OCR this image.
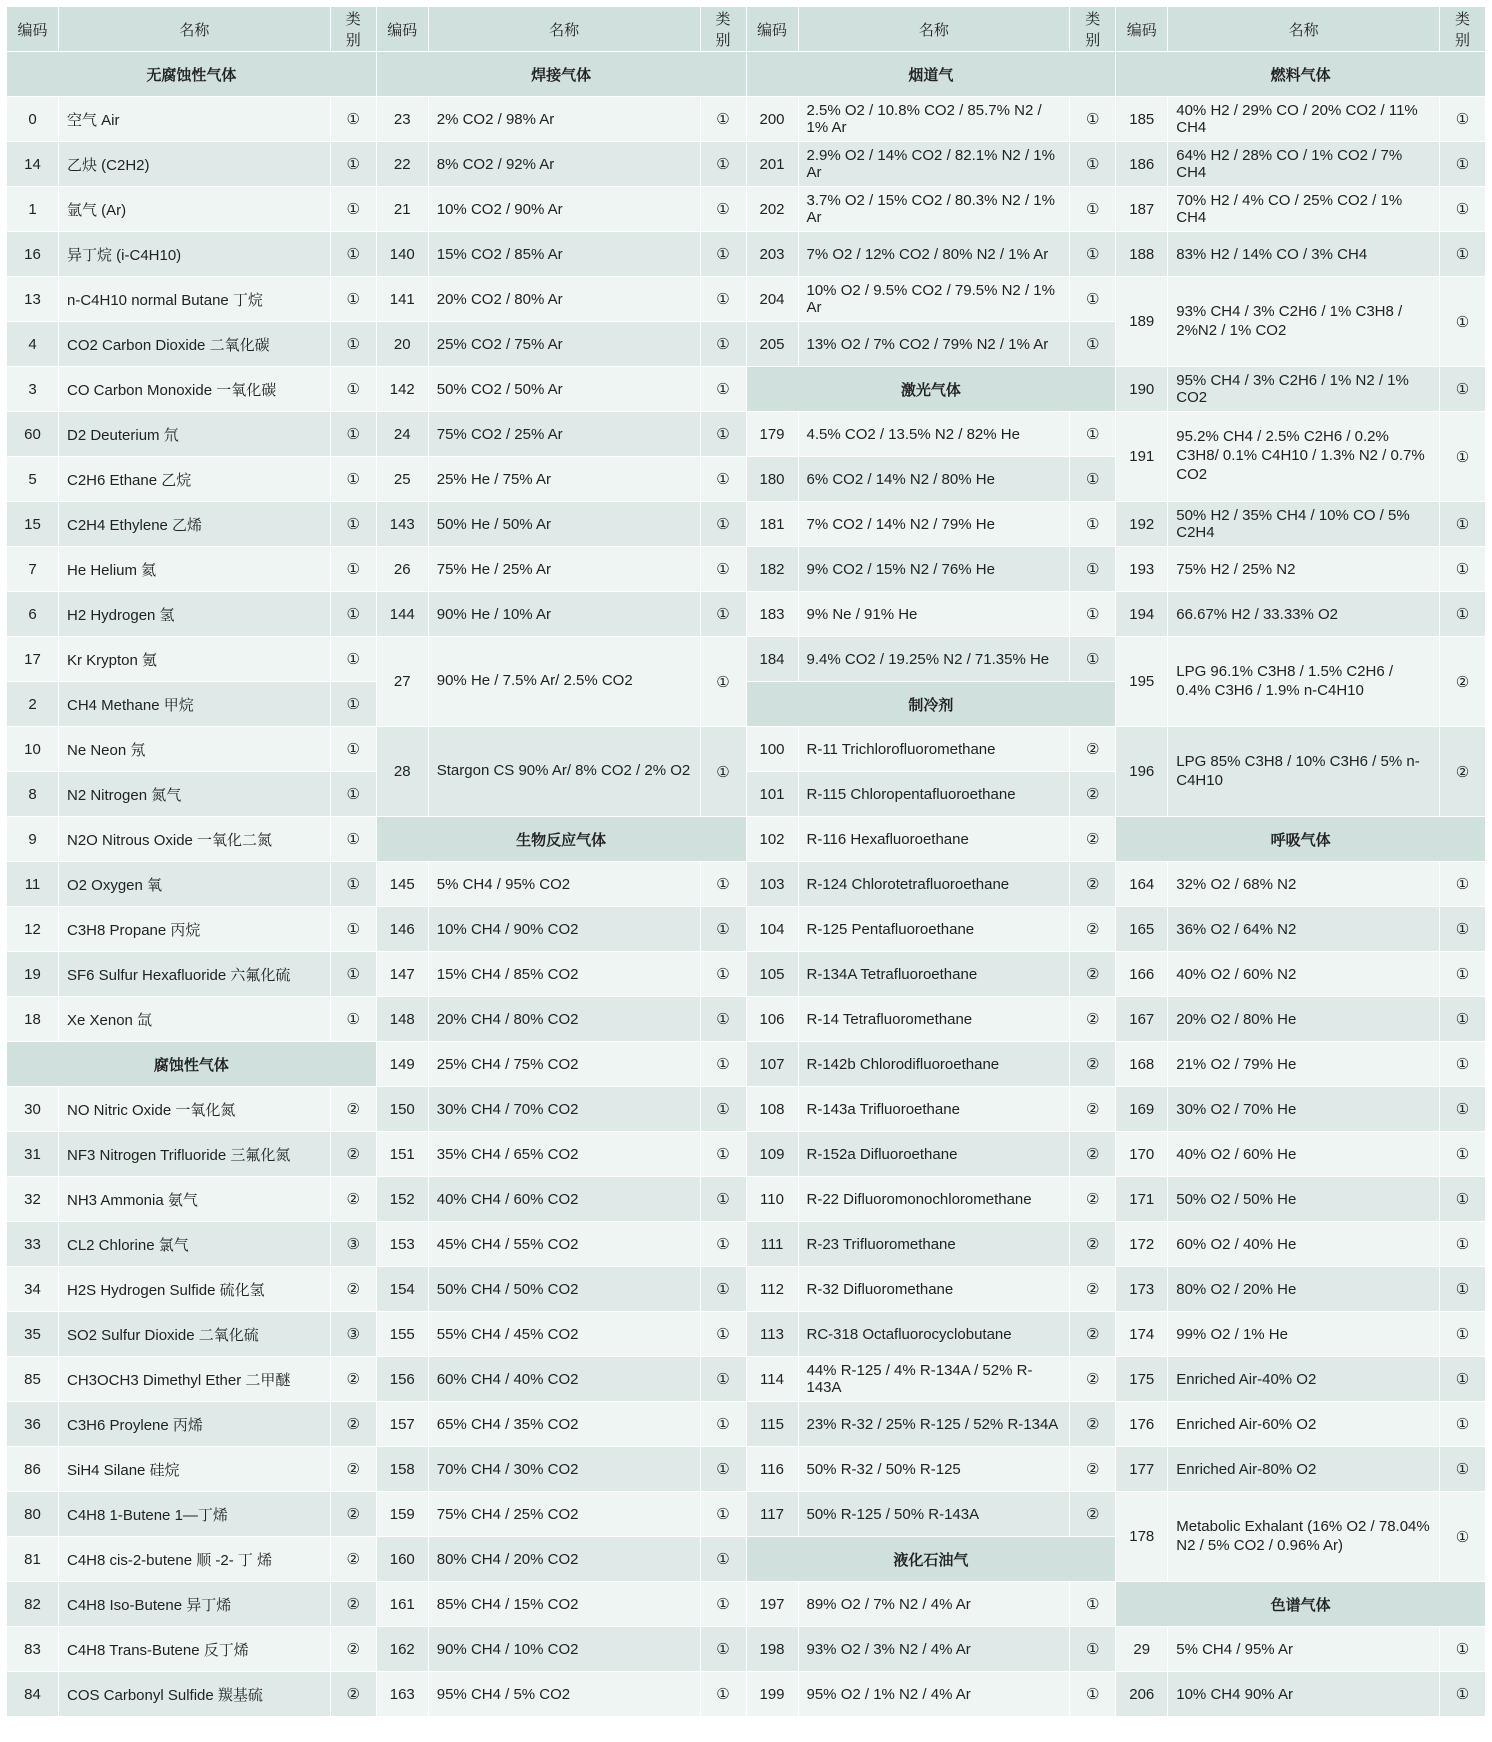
编码	名称	类别	编码	名称	类别	编码	名称	类别	编码	名称	类别
无腐蚀性气体			焊接气体			烟道气			燃料气体		
0	空气 Air	①	23	2% CO2 / 98% Ar	①	200	2.5% O2 / 10.8% CO2 / 85.7% N2 / 1% Ar	①	185	40% H2 / 29% CO / 20% CO2 / 11% CH4	①
14	乙炔 (C2H2)	①	22	8% CO2 / 92% Ar	①	201	2.9% O2 / 14% CO2 / 82.1% N2 / 1% Ar	①	186	64% H2 / 28% CO / 1% CO2 / 7% CH4	①
1	氩气 (Ar)	①	21	10% CO2 / 90% Ar	①	202	3.7% O2 / 15% CO2 / 80.3% N2 / 1% Ar	①	187	70% H2 / 4% CO / 25% CO2 / 1% CH4	①
16	异丁烷 (i-C4H10)	①	140	15% CO2 / 85% Ar	①	203	7% O2 / 12% CO2 / 80% N2 / 1% Ar	①	188	83% H2 / 14% CO / 3% CH4	①
13	n-C4H10 normal Butane 丁烷	①	141	20% CO2 / 80% Ar	①	204	10% O2 / 9.5% CO2 / 79.5% N2 / 1% Ar	①	189	93% CH4 / 3% C2H6 / 1% C3H8 / 2%N2 / 1% CO2	①
4	CO2 Carbon Dioxide 二氧化碳	①	20	25% CO2 / 75% Ar	①	205	13% O2 / 7% CO2 / 79% N2 / 1% Ar	①			
3	CO Carbon Monoxide 一氧化碳	①	142	50% CO2 / 50% Ar	①	激光气体			190	95% CH4 / 3% C2H6 / 1% N2 / 1% CO2	①
60	D2 Deuterium 氘	①	24	75% CO2 / 25% Ar	①	179	4.5% CO2 / 13.5% N2 / 82% He	①	191	95.2% CH4 / 2.5% C2H6 / 0.2% C3H8/ 0.1% C4H10 / 1.3% N2 / 0.7% CO2	①
5	C2H6 Ethane 乙烷	①	25	25% He / 75% Ar	①	180	6% CO2 / 14% N2 / 80% He	①			
15	C2H4 Ethylene 乙烯	①	143	50% He / 50% Ar	①	181	7% CO2 / 14% N2 / 79% He	①	192	50% H2 / 35% CH4 / 10% CO / 5% C2H4	①
7	He Helium 氦	①	26	75% He / 25% Ar	①	182	9% CO2 / 15% N2 / 76% He	①	193	75% H2 / 25% N2	①
6	H2 Hydrogen 氢	①	144	90% He / 10% Ar	①	183	9% Ne / 91% He	①	194	66.67% H2 / 33.33% O2	①
17	Kr Krypton 氪	①	27	90% He / 7.5% Ar/ 2.5% CO2	①	184	9.4% CO2 / 19.25% N2 / 71.35% He	①	195	LPG 96.1% C3H8 / 1.5% C2H6 / 0.4% C3H6 / 1.9% n-C4H10	②
2	CH4 Methane 甲烷	①				制冷剂					
10	Ne Neon 氖	①	28	Stargon CS 90% Ar/ 8% CO2 / 2% O2	①	100	R-11 Trichlorofluoromethane	②	196	LPG 85% C3H8 / 10% C3H6 / 5% n-C4H10	②
8	N2 Nitrogen 氮气	①				101	R-115 Chloropentafluoroethane	②			
9	N2O Nitrous Oxide 一氧化二氮	①	生物反应气体			102	R-116 Hexafluoroethane	②	呼吸气体		
11	O2 Oxygen 氧	①	145	5% CH4 / 95% CO2	①	103	R-124 Chlorotetrafluoroethane	②	164	32% O2 / 68% N2	①
12	C3H8 Propane 丙烷	①	146	10% CH4 / 90% CO2	①	104	R-125 Pentafluoroethane	②	165	36% O2 / 64% N2	①
19	SF6 Sulfur Hexafluoride 六氟化硫	①	147	15% CH4 / 85% CO2	①	105	R-134A Tetrafluoroethane	②	166	40% O2 / 60% N2	①
18	Xe Xenon 氙	①	148	20% CH4 / 80% CO2	①	106	R-14 Tetrafluoromethane	②	167	20% O2 / 80% He	①
腐蚀性气体			149	25% CH4 / 75% CO2	①	107	R-142b Chlorodifluoroethane	②	168	21% O2 / 79% He	①
30	NO Nitric Oxide 一氧化氮	②	150	30% CH4 / 70% CO2	①	108	R-143a Trifluoroethane	②	169	30% O2 / 70% He	①
31	NF3 Nitrogen Trifluoride 三氟化氮	②	151	35% CH4 / 65% CO2	①	109	R-152a Difluoroethane	②	170	40% O2 / 60% He	①
32	NH3 Ammonia 氨气	②	152	40% CH4 / 60% CO2	①	110	R-22 Difluoromonochloromethane	②	171	50% O2 / 50% He	①
33	CL2 Chlorine 氯气	③	153	45% CH4 / 55% CO2	①	111	R-23 Trifluoromethane	②	172	60% O2 / 40% He	①
34	H2S Hydrogen Sulfide 硫化氢	②	154	50% CH4 / 50% CO2	①	112	R-32 Difluoromethane	②	173	80% O2 / 20% He	①
35	SO2 Sulfur Dioxide 二氧化硫	③	155	55% CH4 / 45% CO2	①	113	RC-318 Octafluorocyclobutane	②	174	99% O2 / 1% He	①
85	CH3OCH3 Dimethyl Ether 二甲醚	②	156	60% CH4 / 40% CO2	①	114	44% R-125 / 4% R-134A / 52% R-143A	②	175	Enriched Air-40% O2	①
36	C3H6 Proylene 丙烯	②	157	65% CH4 / 35% CO2	①	115	23% R-32 / 25% R-125 / 52% R-134A	②	176	Enriched Air-60% O2	①
86	SiH4 Silane 硅烷	②	158	70% CH4 / 30% CO2	①	116	50% R-32 / 50% R-125	②	177	Enriched Air-80% O2	①
80	C4H8 1-Butene 1—丁烯	②	159	75% CH4 / 25% CO2	①	117	50% R-125 / 50% R-143A	②	178	Metabolic Exhalant (16% O2 / 78.04% N2 / 5% CO2 / 0.96% Ar)	①
81	C4H8 cis-2-butene 顺 -2- 丁 烯	②	160	80% CH4 / 20% CO2	①	液化石油气					
82	C4H8 Iso-Butene 异丁烯	②	161	85% CH4 / 15% CO2	①	197	89% O2 / 7% N2 / 4% Ar	①	色谱气体		
83	C4H8 Trans-Butene 反丁烯	②	162	90% CH4 / 10% CO2	①	198	93% O2 / 3% N2 / 4% Ar	①	29	5% CH4 / 95% Ar	①
84	COS Carbonyl Sulfide 羰基硫	②	163	95% CH4 / 5% CO2	①	199	95% O2 / 1% N2 / 4% Ar	①	206	10% CH4 90% Ar	①
